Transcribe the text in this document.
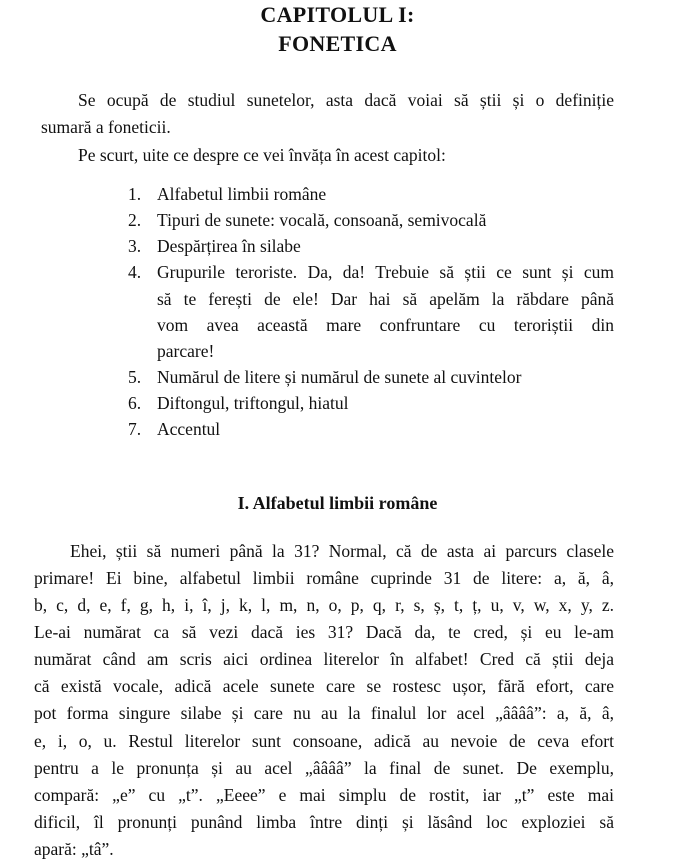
CAPITOLUL I:
FONETICA
Se ocupă de studiul sunetelor, asta dacă voiai să știi și o definiție
sumară a foneticii.
Pe scurt, uite ce despre ce vei învăța în acest capitol:
1. Alfabetul limbii române
2. Tipuri de sunete: vocală, consoană, semivocală
3. Despărțirea în silabe
4. Grupurile teroriste. Da, da! Trebuie să știi ce sunt și cum
să te ferești de ele! Dar hai să apelăm la răbdare până
vom avea această mare confruntare cu teroriștii din
parcare!
5. Numărul de litere și numărul de sunete al cuvintelor
6. Diftongul, triftongul, hiatul
7. Accentul
I. Alfabetul limbii române
Ehei, știi să numeri până la 31? Normal, că de asta ai parcurs clasele
primare! Ei bine, alfabetul limbii române cuprinde 31 de litere: a, ă, â,
b, c, d, e, f, g, h, i, î, j, k, l, m, n, o, p, q, r, s, ș, t, ț, u, v, w, x, y, z.
Le-ai numărat ca să vezi dacă ies 31? Dacă da, te cred, și eu le-am
numărat când am scris aici ordinea literelor în alfabet! Cred că știi deja
că există vocale, adică acele sunete care se rostesc ușor, fără efort, care
pot forma singure silabe și care nu au la finalul lor acel „ââââ”: a, ă, â,
e, i, o, u. Restul literelor sunt consoane, adică au nevoie de ceva efort
pentru a le pronunța și au acel „ââââ” la final de sunet. De exemplu,
compară: „e” cu „t”. „Eeee” e mai simplu de rostit, iar „t” este mai
dificil, îl pronunți punând limba între dinți și lăsând loc exploziei să
apară: „tâ”.
